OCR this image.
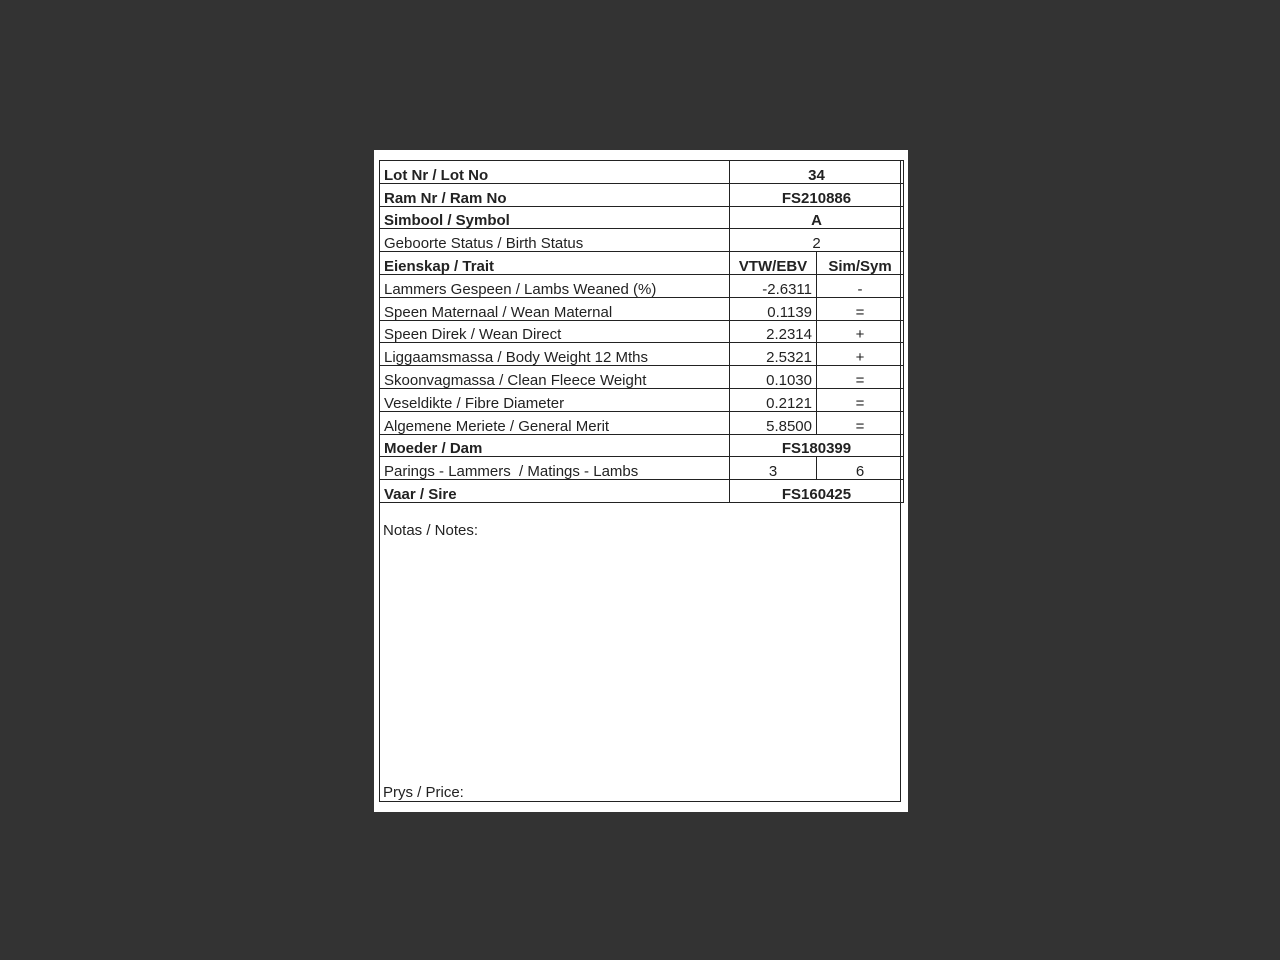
Lot Nr / Lot No	34	
Ram Nr / Ram No	FS210886	
Simbool / Symbol	A	
Geboorte Status / Birth Status	2	
Eienskap / Trait	VTW/EBV	Sim/Sym
Lammers Gespeen / Lambs Weaned (%)	-2.6311	-
Speen Maternaal / Wean Maternal	0.1139	=
Speen Direk / Wean Direct	2.2314	+
Liggaamsmassa / Body Weight 12 Mths	2.5321	+
Skoonvagmassa / Clean Fleece Weight	0.1030	=
Veseldikte / Fibre Diameter	0.2121	=
Algemene Meriete / General Merit	5.8500	=
Moeder / Dam	FS180399	
Parings - Lammers  / Matings - Lambs	3	6
Vaar / Sire	FS160425	
Notas / Notes:
Prys / Price:
